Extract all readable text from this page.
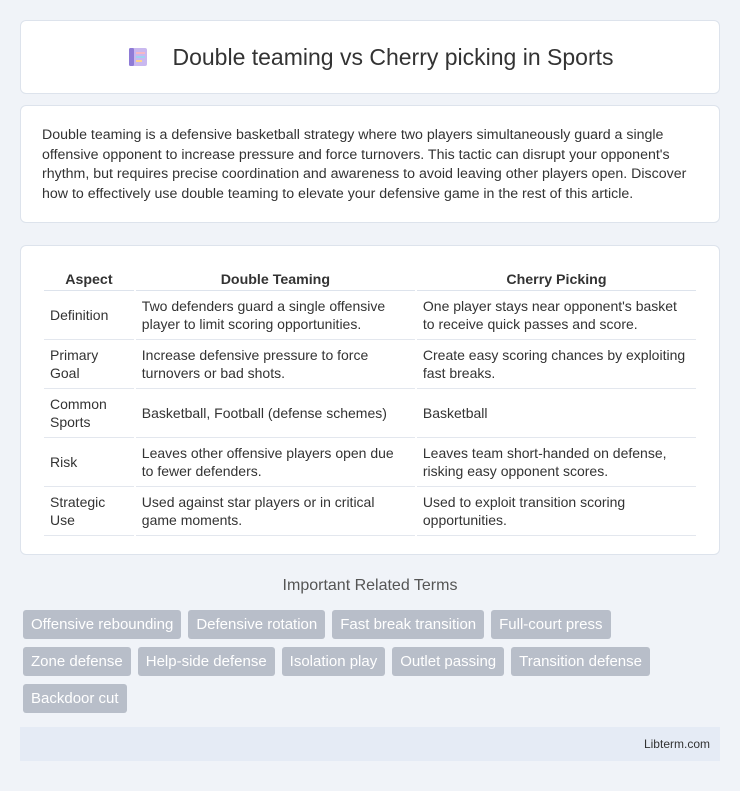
Double teaming vs Cherry picking in Sports

Double teaming is a defensive basketball strategy where two players simultaneously guard a single offensive opponent to increase pressure and force turnovers. This tactic can disrupt your opponent's rhythm, but requires precise coordination and awareness to avoid leaving other players open. Discover how to effectively use double teaming to elevate your defensive game in the rest of this article.

Aspect	Double Teaming	Cherry Picking
Definition	Two defenders guard a single offensive player to limit scoring opportunities.	One player stays near opponent's basket to receive quick passes and score.
Primary Goal	Increase defensive pressure to force turnovers or bad shots.	Create easy scoring chances by exploiting fast breaks.
Common Sports	Basketball, Football (defense schemes)	Basketball
Risk	Leaves other offensive players open due to fewer defenders.	Leaves team short-handed on defense, risking easy opponent scores.
Strategic Use	Used against star players or in critical game moments.	Used to exploit transition scoring opportunities.
Important Related Terms
Offensive rebounding	Defensive rotation	Fast break transition	Full-court press
Zone defense	Help-side defense	Isolation play	Outlet passing	Transition defense
Backdoor cut
Libterm.com
